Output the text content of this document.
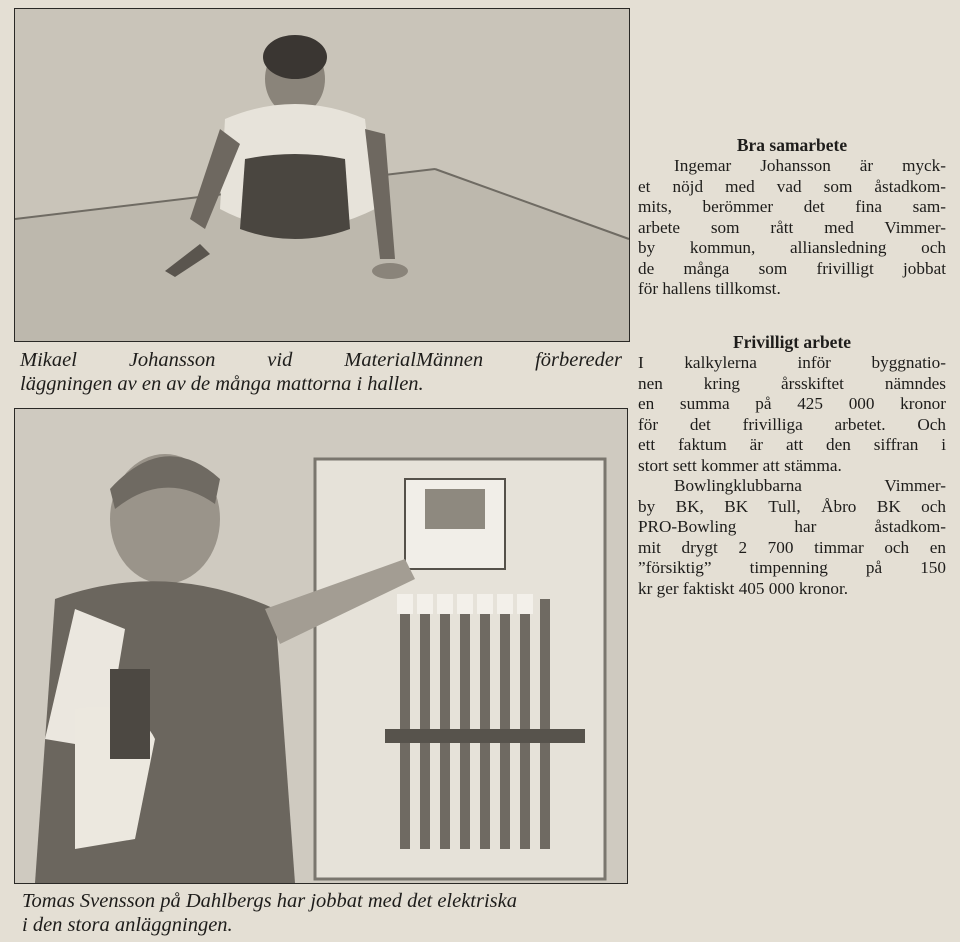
Mikael Johansson vid MaterialMännen förbereder
läggningen av en av de många mattorna i hallen.
Tomas Svensson på Dahlbergs har jobbat med det elektriska
i den stora anläggningen.
Bra samarbete
Ingemar Johansson är myck-
et nöjd med vad som åstadkom-
mits, berömmer det fina sam-
arbete som rått med Vimmer-
by kommun, alliansledning och
de många som frivilligt jobbat
för hallens tillkomst.
Frivilligt arbete
I kalkylerna inför byggnatio-
nen kring årsskiftet nämndes
en summa på 425 000 kronor
för det frivilliga arbetet. Och
ett faktum är att den siffran i
stort sett kommer att stämma.
Bowlingklubbarna Vimmer-
by BK, BK Tull, Åbro BK och
PRO-Bowling har åstadkom-
mit drygt 2 700 timmar och en
”försiktig” timpenning på 150
kr ger faktiskt 405 000 kronor.
